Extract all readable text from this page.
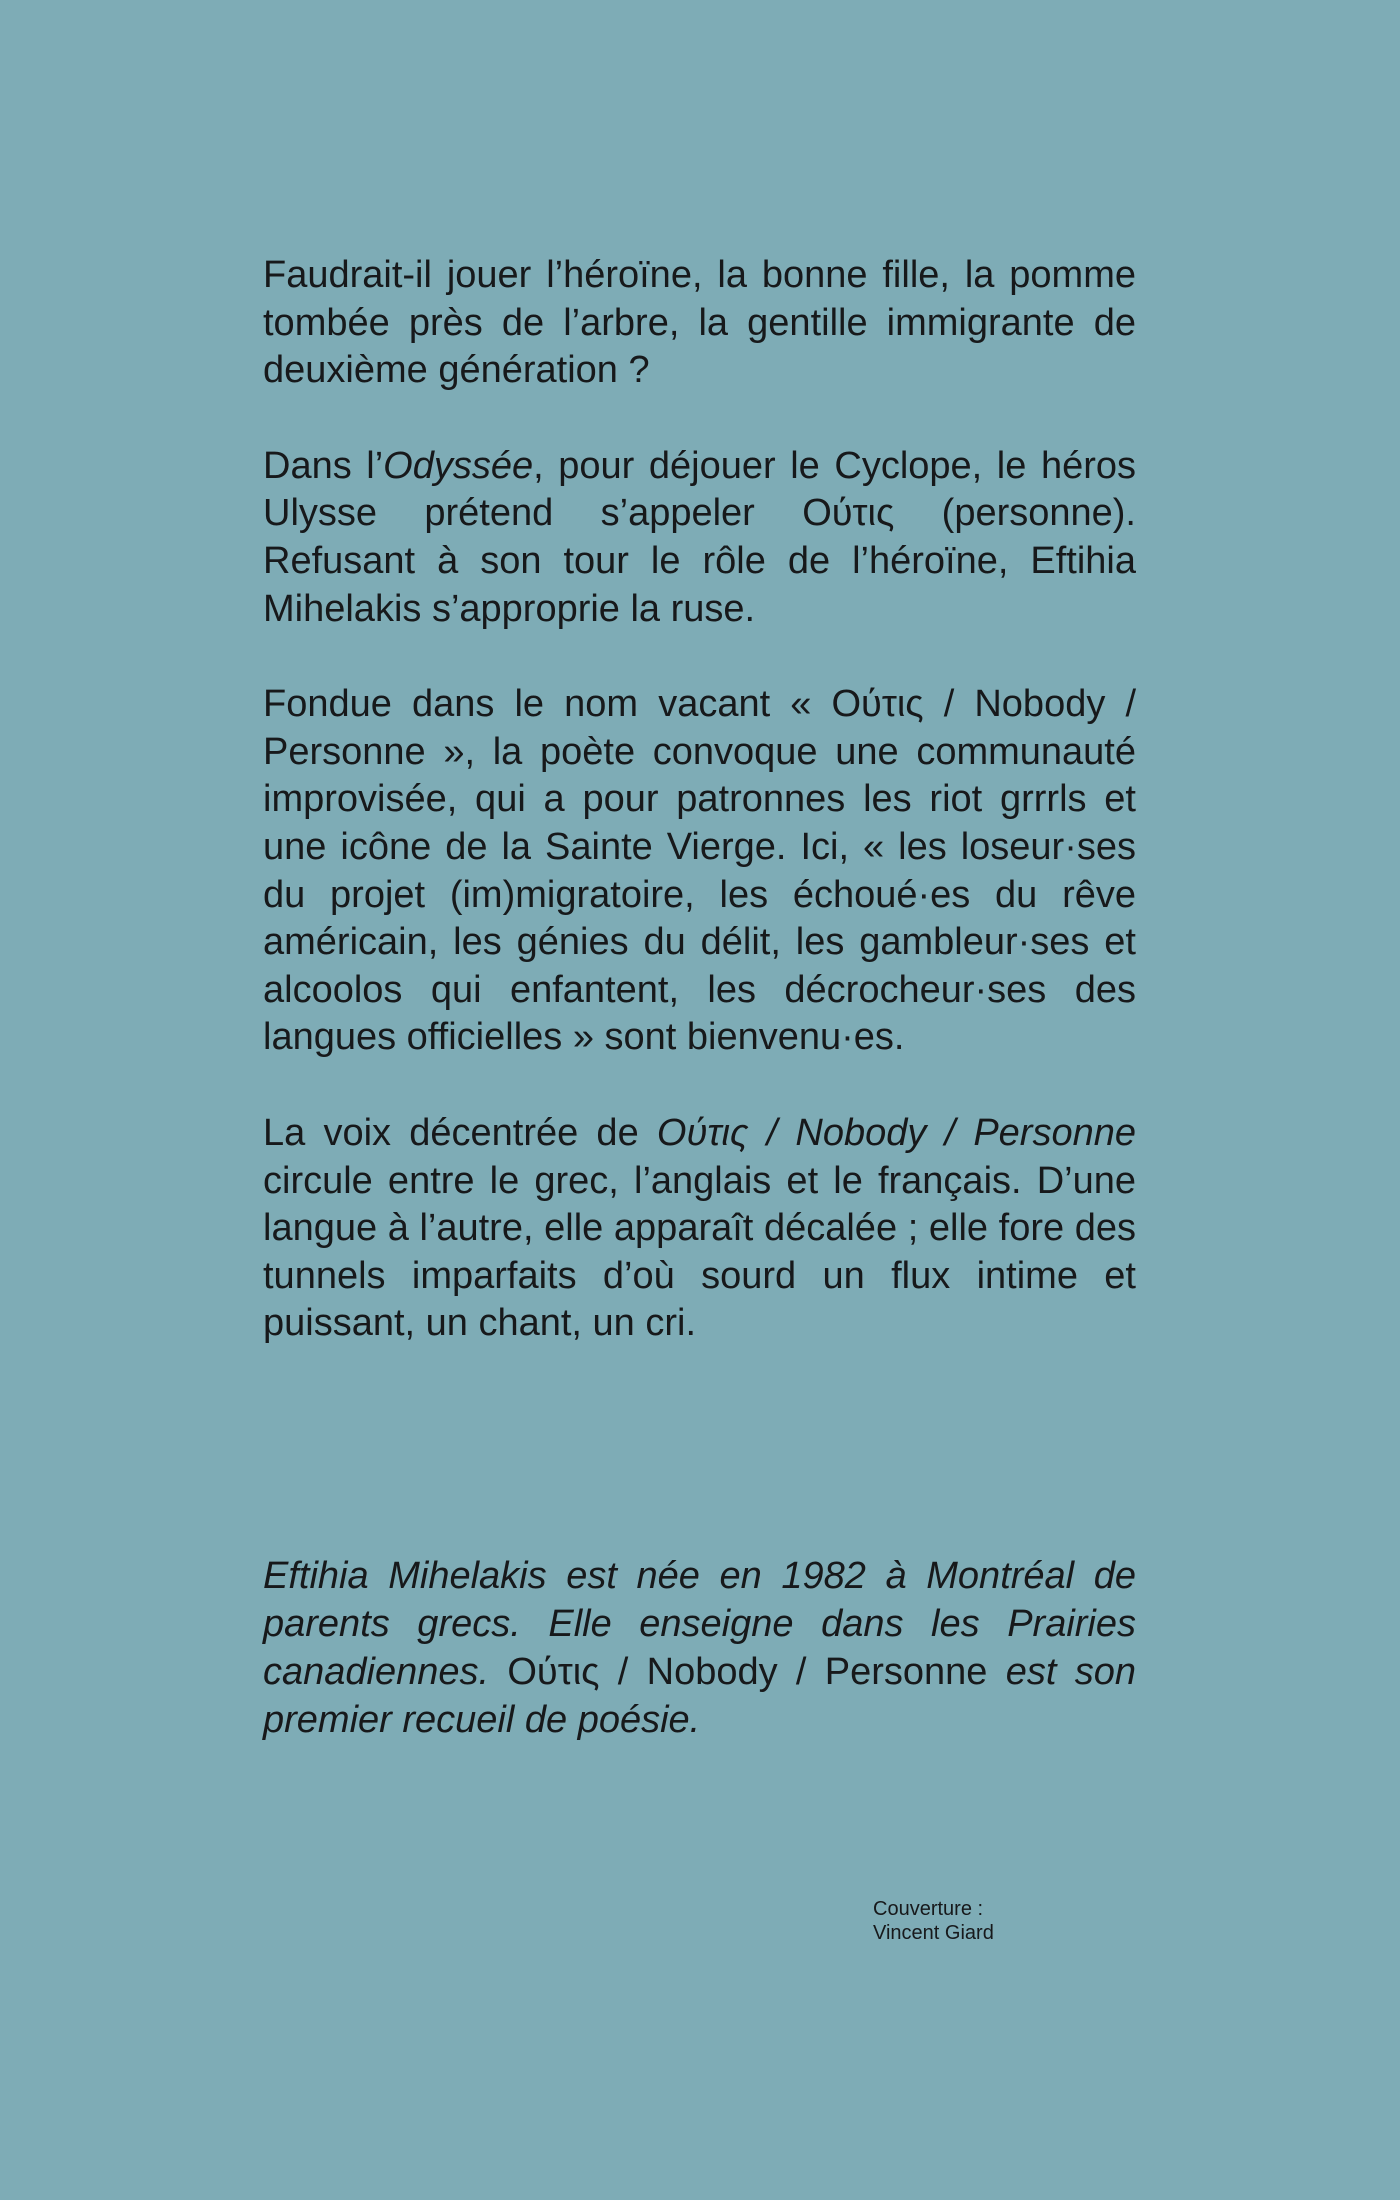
Faudrait-il jouer l’héroïne, la bonne fille, la pomme tombée près de l’arbre, la gentille immigrante de deuxième génération ?

Dans l’Odyssée, pour déjouer le Cyclope, le héros Ulysse prétend s’appeler Ούτις (personne). Refusant à son tour le rôle de l’héroïne, Eftihia Mihelakis s’approprie la ruse.

Fondue dans le nom vacant « Ούτις / Nobody / Personne », la poète convoque une communauté improvisée, qui a pour patronnes les riot grrrls et une icône de la Sainte Vierge. Ici, « les loseur·ses du projet (im)migratoire, les échoué·es du rêve américain, les génies du délit, les gambleur·ses et alcoolos qui enfantent, les décrocheur·ses des langues officielles » sont bienvenu·es.

La voix décentrée de Ούτις / Nobody / Personne circule entre le grec, l’anglais et le français. D’une langue à l’autre, elle apparaît décalée ; elle fore des tunnels imparfaits d’où sourd un flux intime et puissant, un chant, un cri.

Eftihia Mihelakis est née en 1982 à Montréal de parents grecs. Elle enseigne dans les Prairies canadiennes. Ούτις / Nobody / Personne est son premier recueil de poésie.

Couverture :
Vincent Giard
